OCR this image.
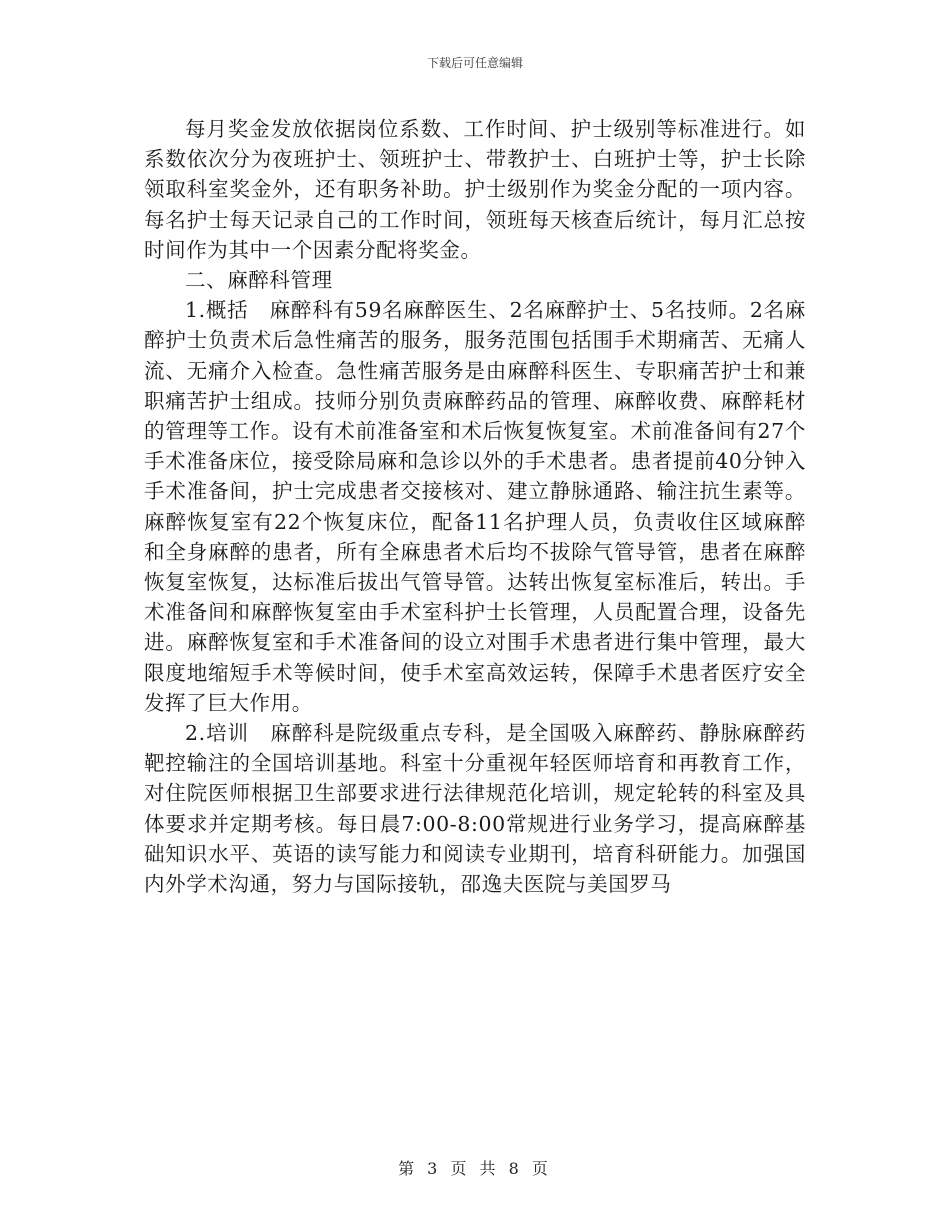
下载后可任意编辑

每月奖金发放依据岗位系数、工作时间、护士级别等标准进行。如系数依次分为夜班护士、领班护士、带教护士、白班护士等，护士长除领取科室奖金外，还有职务补助。护士级别作为奖金分配的一项内容。每名护士每天记录自己的工作时间，领班每天核查后统计，每月汇总按时间作为其中一个因素分配将奖金。

二、麻醉科管理

1.概括　麻醉科有59名麻醉医生、2名麻醉护士、5名技师。2名麻醉护士负责术后急性痛苦的服务，服务范围包括围手术期痛苦、无痛人流、无痛介入检查。急性痛苦服务是由麻醉科医生、专职痛苦护士和兼职痛苦护士组成。技师分别负责麻醉药品的管理、麻醉收费、麻醉耗材的管理等工作。设有术前准备室和术后恢复恢复室。术前准备间有27个手术准备床位，接受除局麻和急诊以外的手术患者。患者提前40分钟入手术准备间，护士完成患者交接核对、建立静脉通路、输注抗生素等。麻醉恢复室有22个恢复床位，配备11名护理人员，负责收住区域麻醉和全身麻醉的患者，所有全麻患者术后均不拔除气管导管，患者在麻醉恢复室恢复，达标准后拔出气管导管。达转出恢复室标准后，转出。手术准备间和麻醉恢复室由手术室科护士长管理，人员配置合理，设备先进。麻醉恢复室和手术准备间的设立对围手术患者进行集中管理，最大限度地缩短手术等候时间，使手术室高效运转，保障手术患者医疗安全发挥了巨大作用。

2.培训　麻醉科是院级重点专科，是全国吸入麻醉药、静脉麻醉药靶控输注的全国培训基地。科室十分重视年轻医师培育和再教育工作，对住院医师根据卫生部要求进行法律规范化培训，规定轮转的科室及具体要求并定期考核。每日晨7:00-8:00常规进行业务学习，提高麻醉基础知识水平、英语的读写能力和阅读专业期刊，培育科研能力。加强国内外学术沟通，努力与国际接轨，邵逸夫医院与美国罗马

第 3 页 共 8 页
